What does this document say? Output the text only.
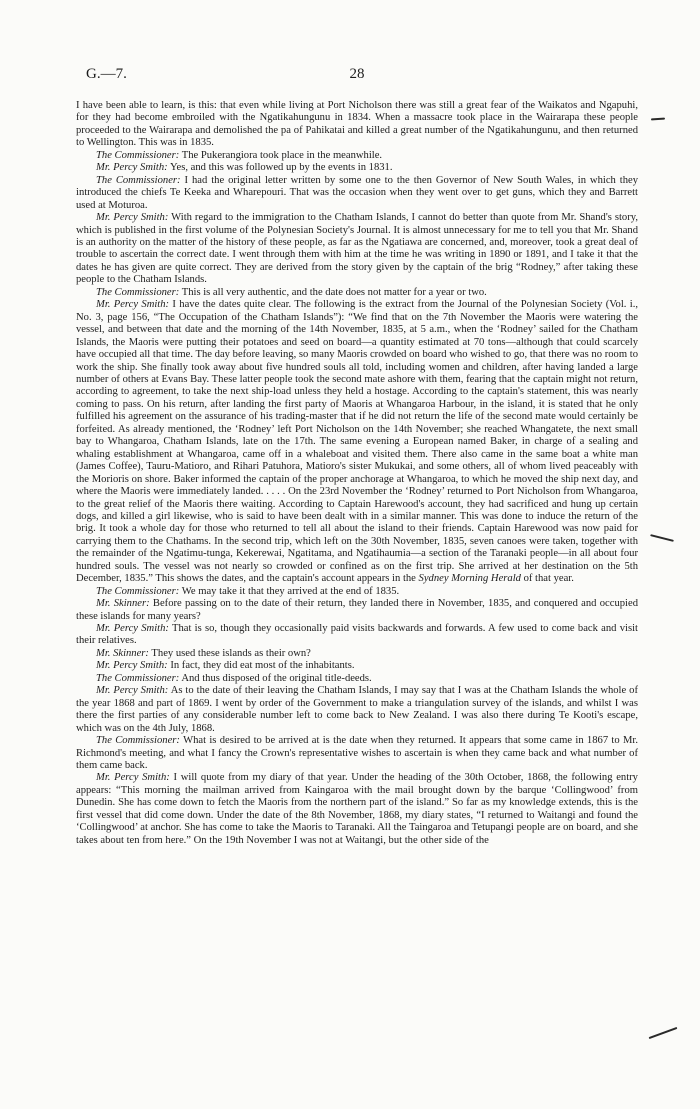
G.—7.	28

I have been able to learn, is this: that even while living at Port Nicholson there was still a great fear of the Waikatos and Ngapuhi, for they had become embroiled with the Ngatikahungunu in 1834. When a massacre took place in the Wairarapa these people proceeded to the Wairarapa and demolished the pa of Pahikatai and killed a great number of the Ngatikahungunu, and then returned to Wellington. This was in 1835.

The Commissioner: The Pukerangiora took place in the meanwhile.

Mr. Percy Smith: Yes, and this was followed up by the events in 1831.

The Commissioner: I had the original letter written by some one to the then Governor of New South Wales, in which they introduced the chiefs Te Keeka and Wharepouri. That was the occasion when they went over to get guns, which they and Barrett used at Moturoa.

Mr. Percy Smith: With regard to the immigration to the Chatham Islands, I cannot do better than quote from Mr. Shand's story, which is published in the first volume of the Polynesian Society's Journal. It is almost unnecessary for me to tell you that Mr. Shand is an authority on the matter of the history of these people, as far as the Ngatiawa are concerned, and, moreover, took a great deal of trouble to ascertain the correct date. I went through them with him at the time he was writing in 1890 or 1891, and I take it that the dates he has given are quite correct. They are derived from the story given by the captain of the brig “Rodney,” after taking these people to the Chatham Islands.

The Commissioner: This is all very authentic, and the date does not matter for a year or two.

Mr. Percy Smith: I have the dates quite clear. The following is the extract from the Journal of the Polynesian Society (Vol. i., No. 3, page 156, “The Occupation of the Chatham Islands”): “We find that on the 7th November the Maoris were watering the vessel, and between that date and the morning of the 14th November, 1835, at 5 a.m., when the ‘Rodney’ sailed for the Chatham Islands, the Maoris were putting their potatoes and seed on board—a quantity estimated at 70 tons—although that could scarcely have occupied all that time. The day before leaving, so many Maoris crowded on board who wished to go, that there was no room to work the ship. She finally took away about five hundred souls all told, including women and children, after having landed a large number of others at Evans Bay. These latter people took the second mate ashore with them, fearing that the captain might not return, according to agreement, to take the next ship-load unless they held a hostage. According to the captain's statement, this was nearly coming to pass. On his return, after landing the first party of Maoris at Whangaroa Harbour, in the island, it is stated that he only fulfilled his agreement on the assurance of his trading-master that if he did not return the life of the second mate would certainly be forfeited. As already mentioned, the ‘Rodney’ left Port Nicholson on the 14th November; she reached Whangatete, the next small bay to Whangaroa, Chatham Islands, late on the 17th. The same evening a European named Baker, in charge of a sealing and whaling establishment at Whangaroa, came off in a whaleboat and visited them. There also came in the same boat a white man (James Coffee), Tauru-Matioro, and Rihari Patuhora, Matioro's sister Mukukai, and some others, all of whom lived peaceably with the Morioris on shore. Baker informed the captain of the proper anchorage at Whangaroa, to which he moved the ship next day, and where the Maoris were immediately landed. . . . . On the 23rd November the ‘Rodney’ returned to Port Nicholson from Whangaroa, to the great relief of the Maoris there waiting. According to Captain Harewood's account, they had sacrificed and hung up certain dogs, and killed a girl likewise, who is said to have been dealt with in a similar manner. This was done to induce the return of the brig. It took a whole day for those who returned to tell all about the island to their friends. Captain Harewood was now paid for carrying them to the Chathams. In the second trip, which left on the 30th November, 1835, seven canoes were taken, together with the remainder of the Ngatimu-tunga, Kekerewai, Ngatitama, and Ngatihaumia—a section of the Taranaki people—in all about four hundred souls. The vessel was not nearly so crowded or confined as on the first trip. She arrived at her destination on the 5th December, 1835.” This shows the dates, and the captain's account appears in the Sydney Morning Herald of that year.

The Commissioner: We may take it that they arrived at the end of 1835.

Mr. Skinner: Before passing on to the date of their return, they landed there in November, 1835, and conquered and occupied these islands for many years?

Mr. Percy Smith: That is so, though they occasionally paid visits backwards and forwards. A few used to come back and visit their relatives.

Mr. Skinner: They used these islands as their own?

Mr. Percy Smith: In fact, they did eat most of the inhabitants.

The Commissioner: And thus disposed of the original title-deeds.

Mr. Percy Smith: As to the date of their leaving the Chatham Islands, I may say that I was at the Chatham Islands the whole of the year 1868 and part of 1869. I went by order of the Government to make a triangulation survey of the islands, and whilst I was there the first parties of any considerable number left to come back to New Zealand. I was also there during Te Kooti's escape, which was on the 4th July, 1868.

The Commissioner: What is desired to be arrived at is the date when they returned. It appears that some came in 1867 to Mr. Richmond's meeting, and what I fancy the Crown's representative wishes to ascertain is when they came back and what number of them came back.

Mr. Percy Smith: I will quote from my diary of that year. Under the heading of the 30th October, 1868, the following entry appears: “This morning the mailman arrived from Kaingaroa with the mail brought down by the barque ‘Collingwood’ from Dunedin. She has come down to fetch the Maoris from the northern part of the island.” So far as my knowledge extends, this is the first vessel that did come down. Under the date of the 8th November, 1868, my diary states, “I returned to Waitangi and found the ‘Collingwood’ at anchor. She has come to take the Maoris to Taranaki. All the Taingaroa and Tetupangi people are on board, and she takes about ten from here.” On the 19th November I was not at Waitangi, but the other side of the
